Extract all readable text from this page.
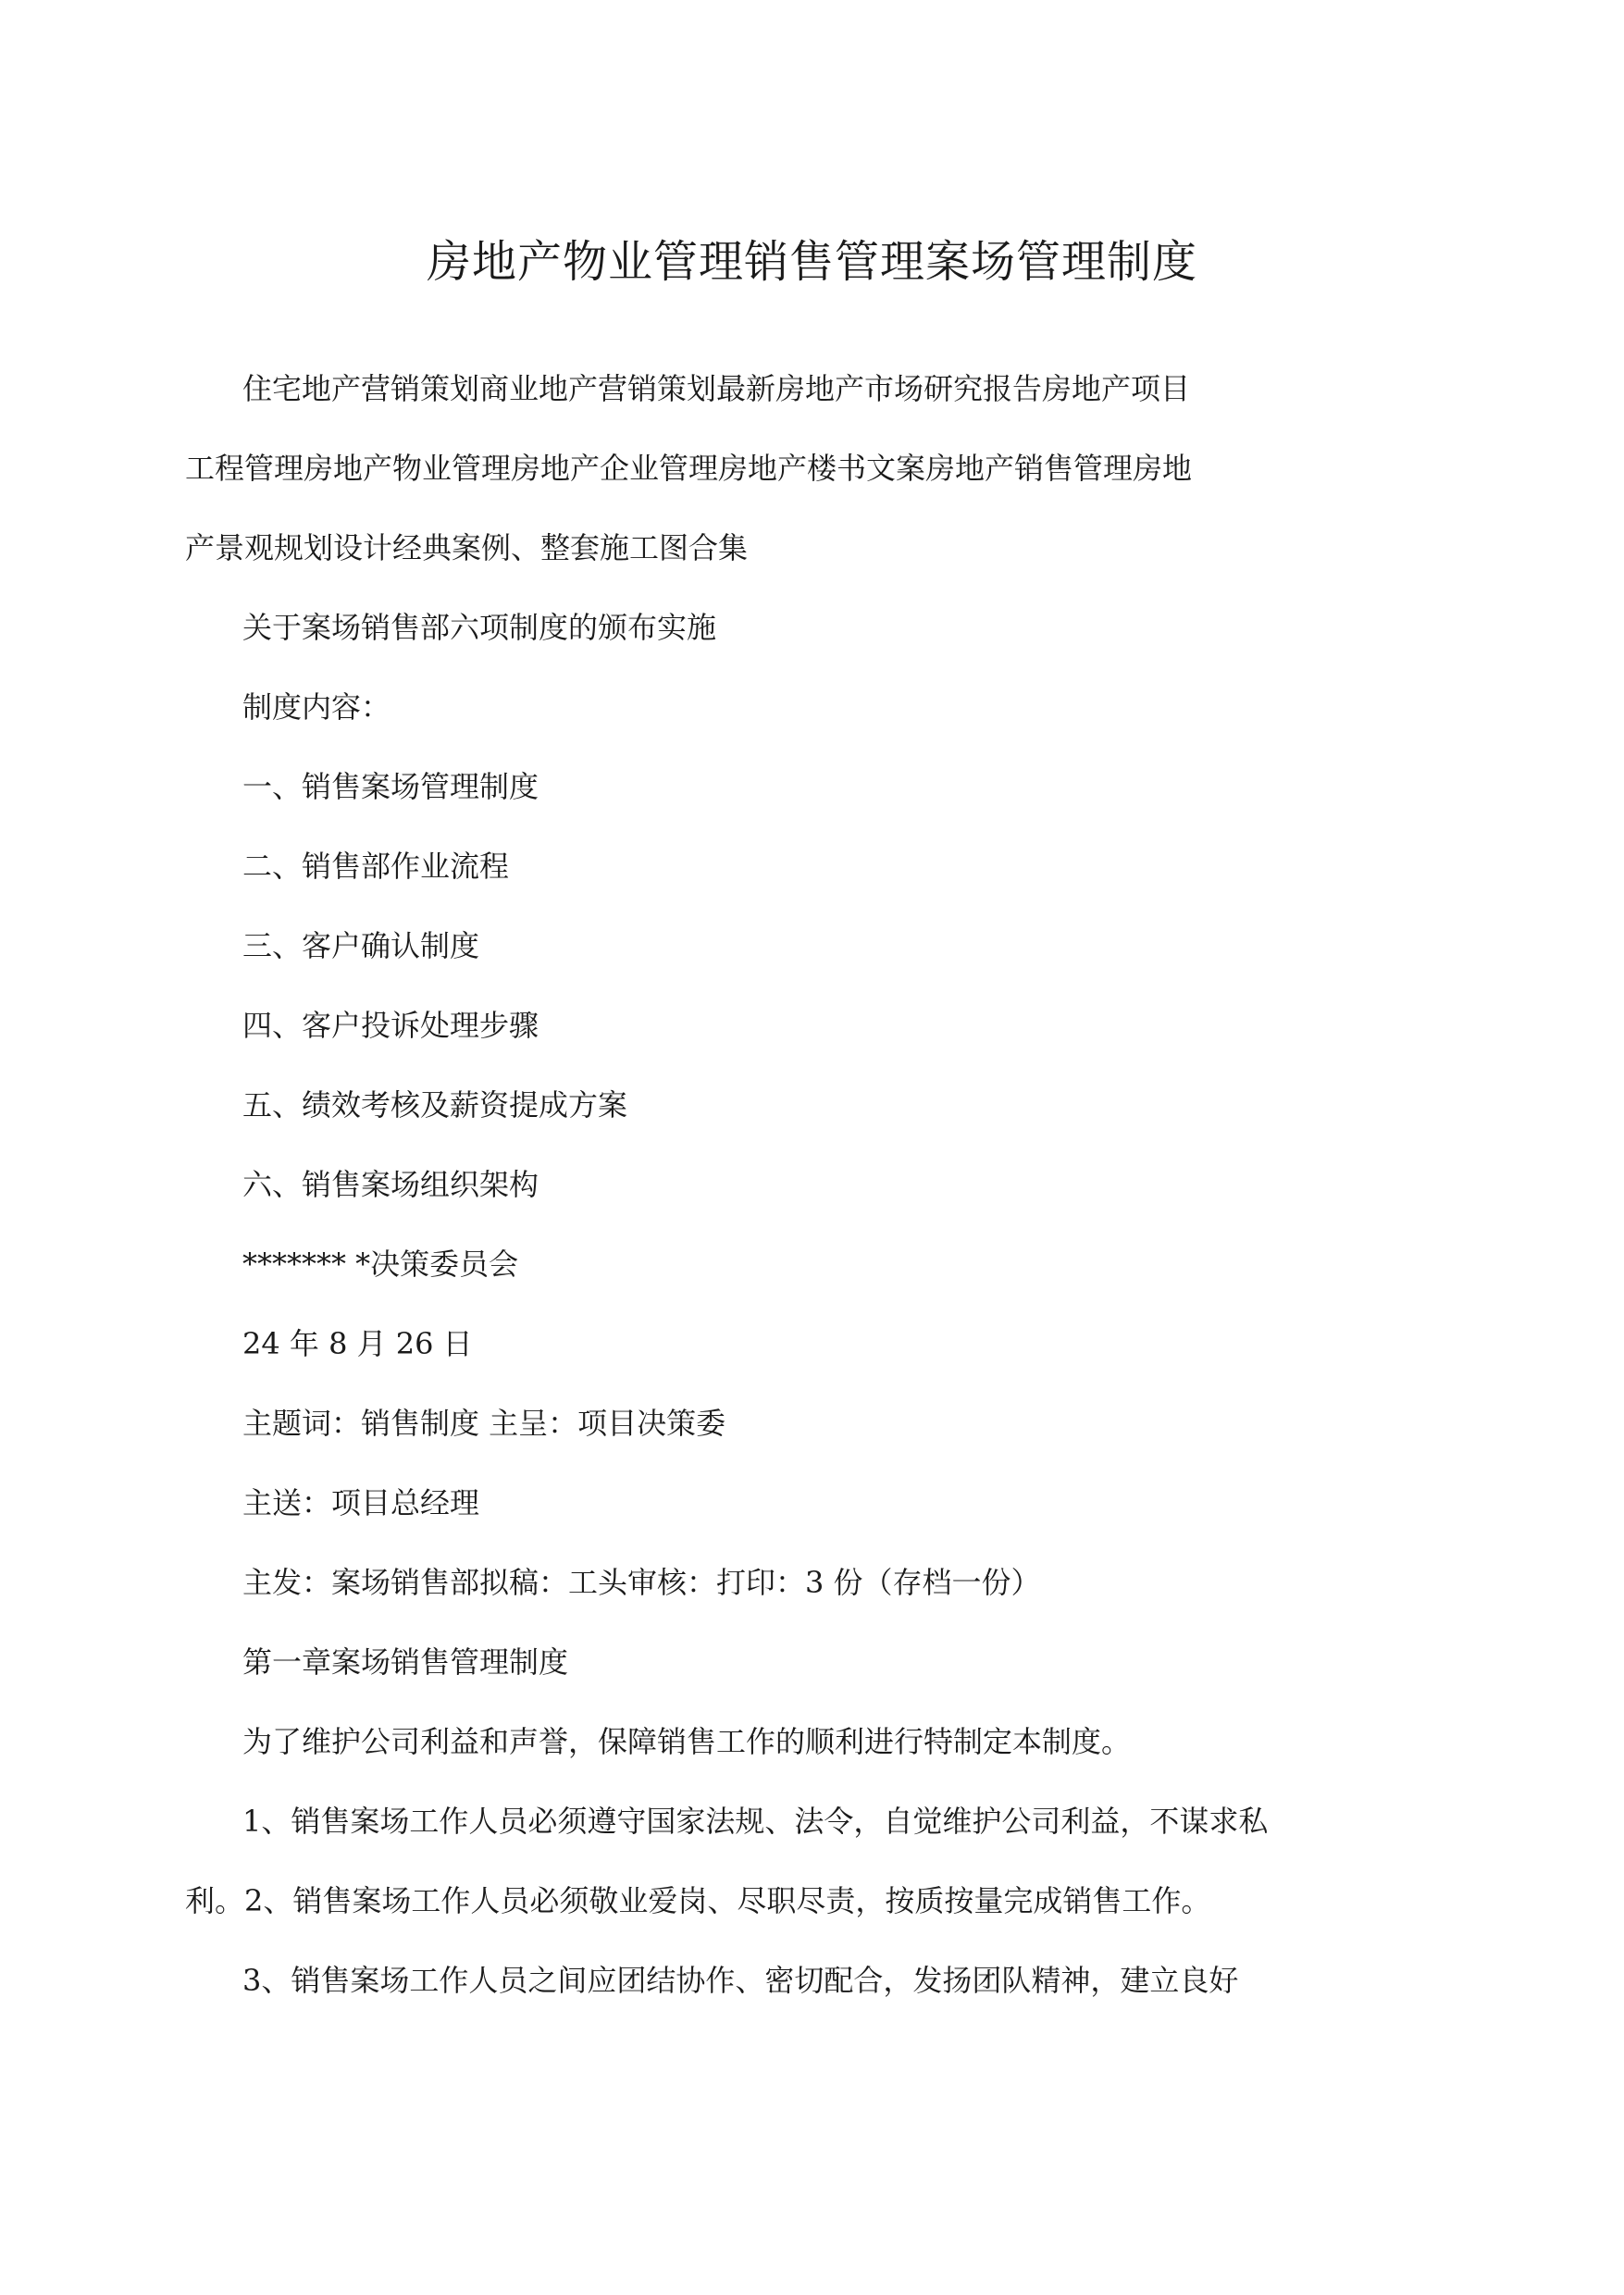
房地产物业管理销售管理案场管理制度

住宅地产营销策划商业地产营销策划最新房地产市场研究报告房地产项目

工程管理房地产物业管理房地产企业管理房地产楼书文案房地产销售管理房地

产景观规划设计经典案例、整套施工图合集

关于案场销售部六项制度的颁布实施

制度内容：

一、销售案场管理制度

二、销售部作业流程

三、客户确认制度

四、客户投诉处理步骤

五、绩效考核及薪资提成方案

六、销售案场组织架构

******* *决策委员会

24 年 8 月 26 日

主题词：销售制度 主呈：项目决策委

主送：项目总经理

主发：案场销售部拟稿：工头审核：打印：3 份（存档一份）

第一章案场销售管理制度

为了维护公司利益和声誉，保障销售工作的顺利进行特制定本制度。

1、销售案场工作人员必须遵守国家法规、法令，自觉维护公司利益，不谋求私

利。2、销售案场工作人员必须敬业爱岗、尽职尽责，按质按量完成销售工作。

3、销售案场工作人员之间应团结协作、密切配合，发扬团队精神，建立良好
